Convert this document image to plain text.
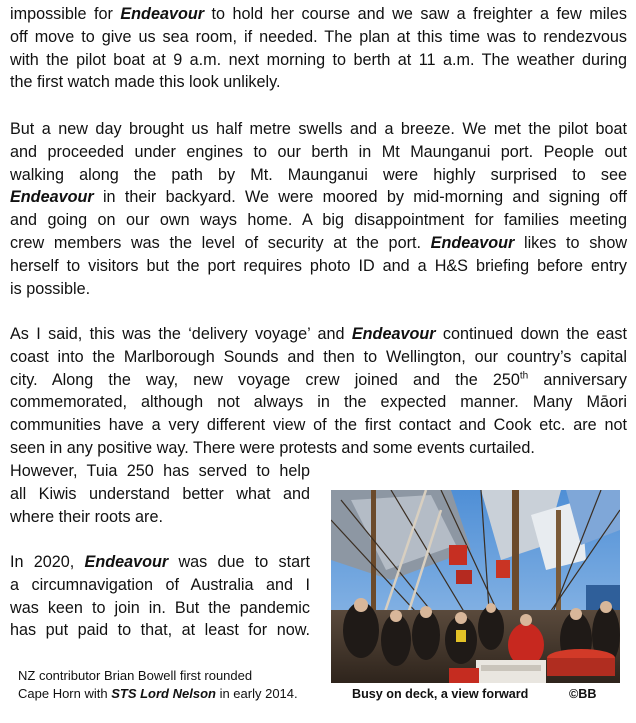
impossible for Endeavour to hold her course and we saw a freighter a few miles
off move to give us sea room, if needed. The plan at this time was to rendezvous
with the pilot boat at 9 a.m. next morning to berth at 11 a.m. The weather during
the first watch made this look unlikely.
But a new day brought us half metre swells and a breeze. We met the pilot boat
and proceeded under engines to our berth in Mt Maunganui port. People out
walking along the path by Mt. Maunganui were highly surprised to see
Endeavour in their backyard. We were moored by mid-morning and signing off
and going on our own ways home. A big disappointment for families meeting
crew members was the level of security at the port. Endeavour likes to show
herself to visitors but the port requires photo ID and a H&S briefing before entry
is possible.
As I said, this was the ‘delivery voyage’ and Endeavour continued down the east
coast into the Marlborough Sounds and then to Wellington, our country’s capital
city. Along the way, new voyage crew joined and the 250th anniversary
commemorated, although not always in the expected manner. Many Māori
communities have a very different view of the first contact and Cook etc. are not
seen in any positive way. There were protests and some events curtailed.
However, Tuia 250 has served to help
all Kiwis understand better what and
where their roots are.
In 2020, Endeavour was due to start
a circumnavigation of Australia and I
was keen to join in. But the pandemic
has put paid to that, at least for now.
NZ contributor Brian Bowell first rounded
Cape Horn with STS Lord Nelson in early 2014.	Busy on deck, a view forward	©BB
